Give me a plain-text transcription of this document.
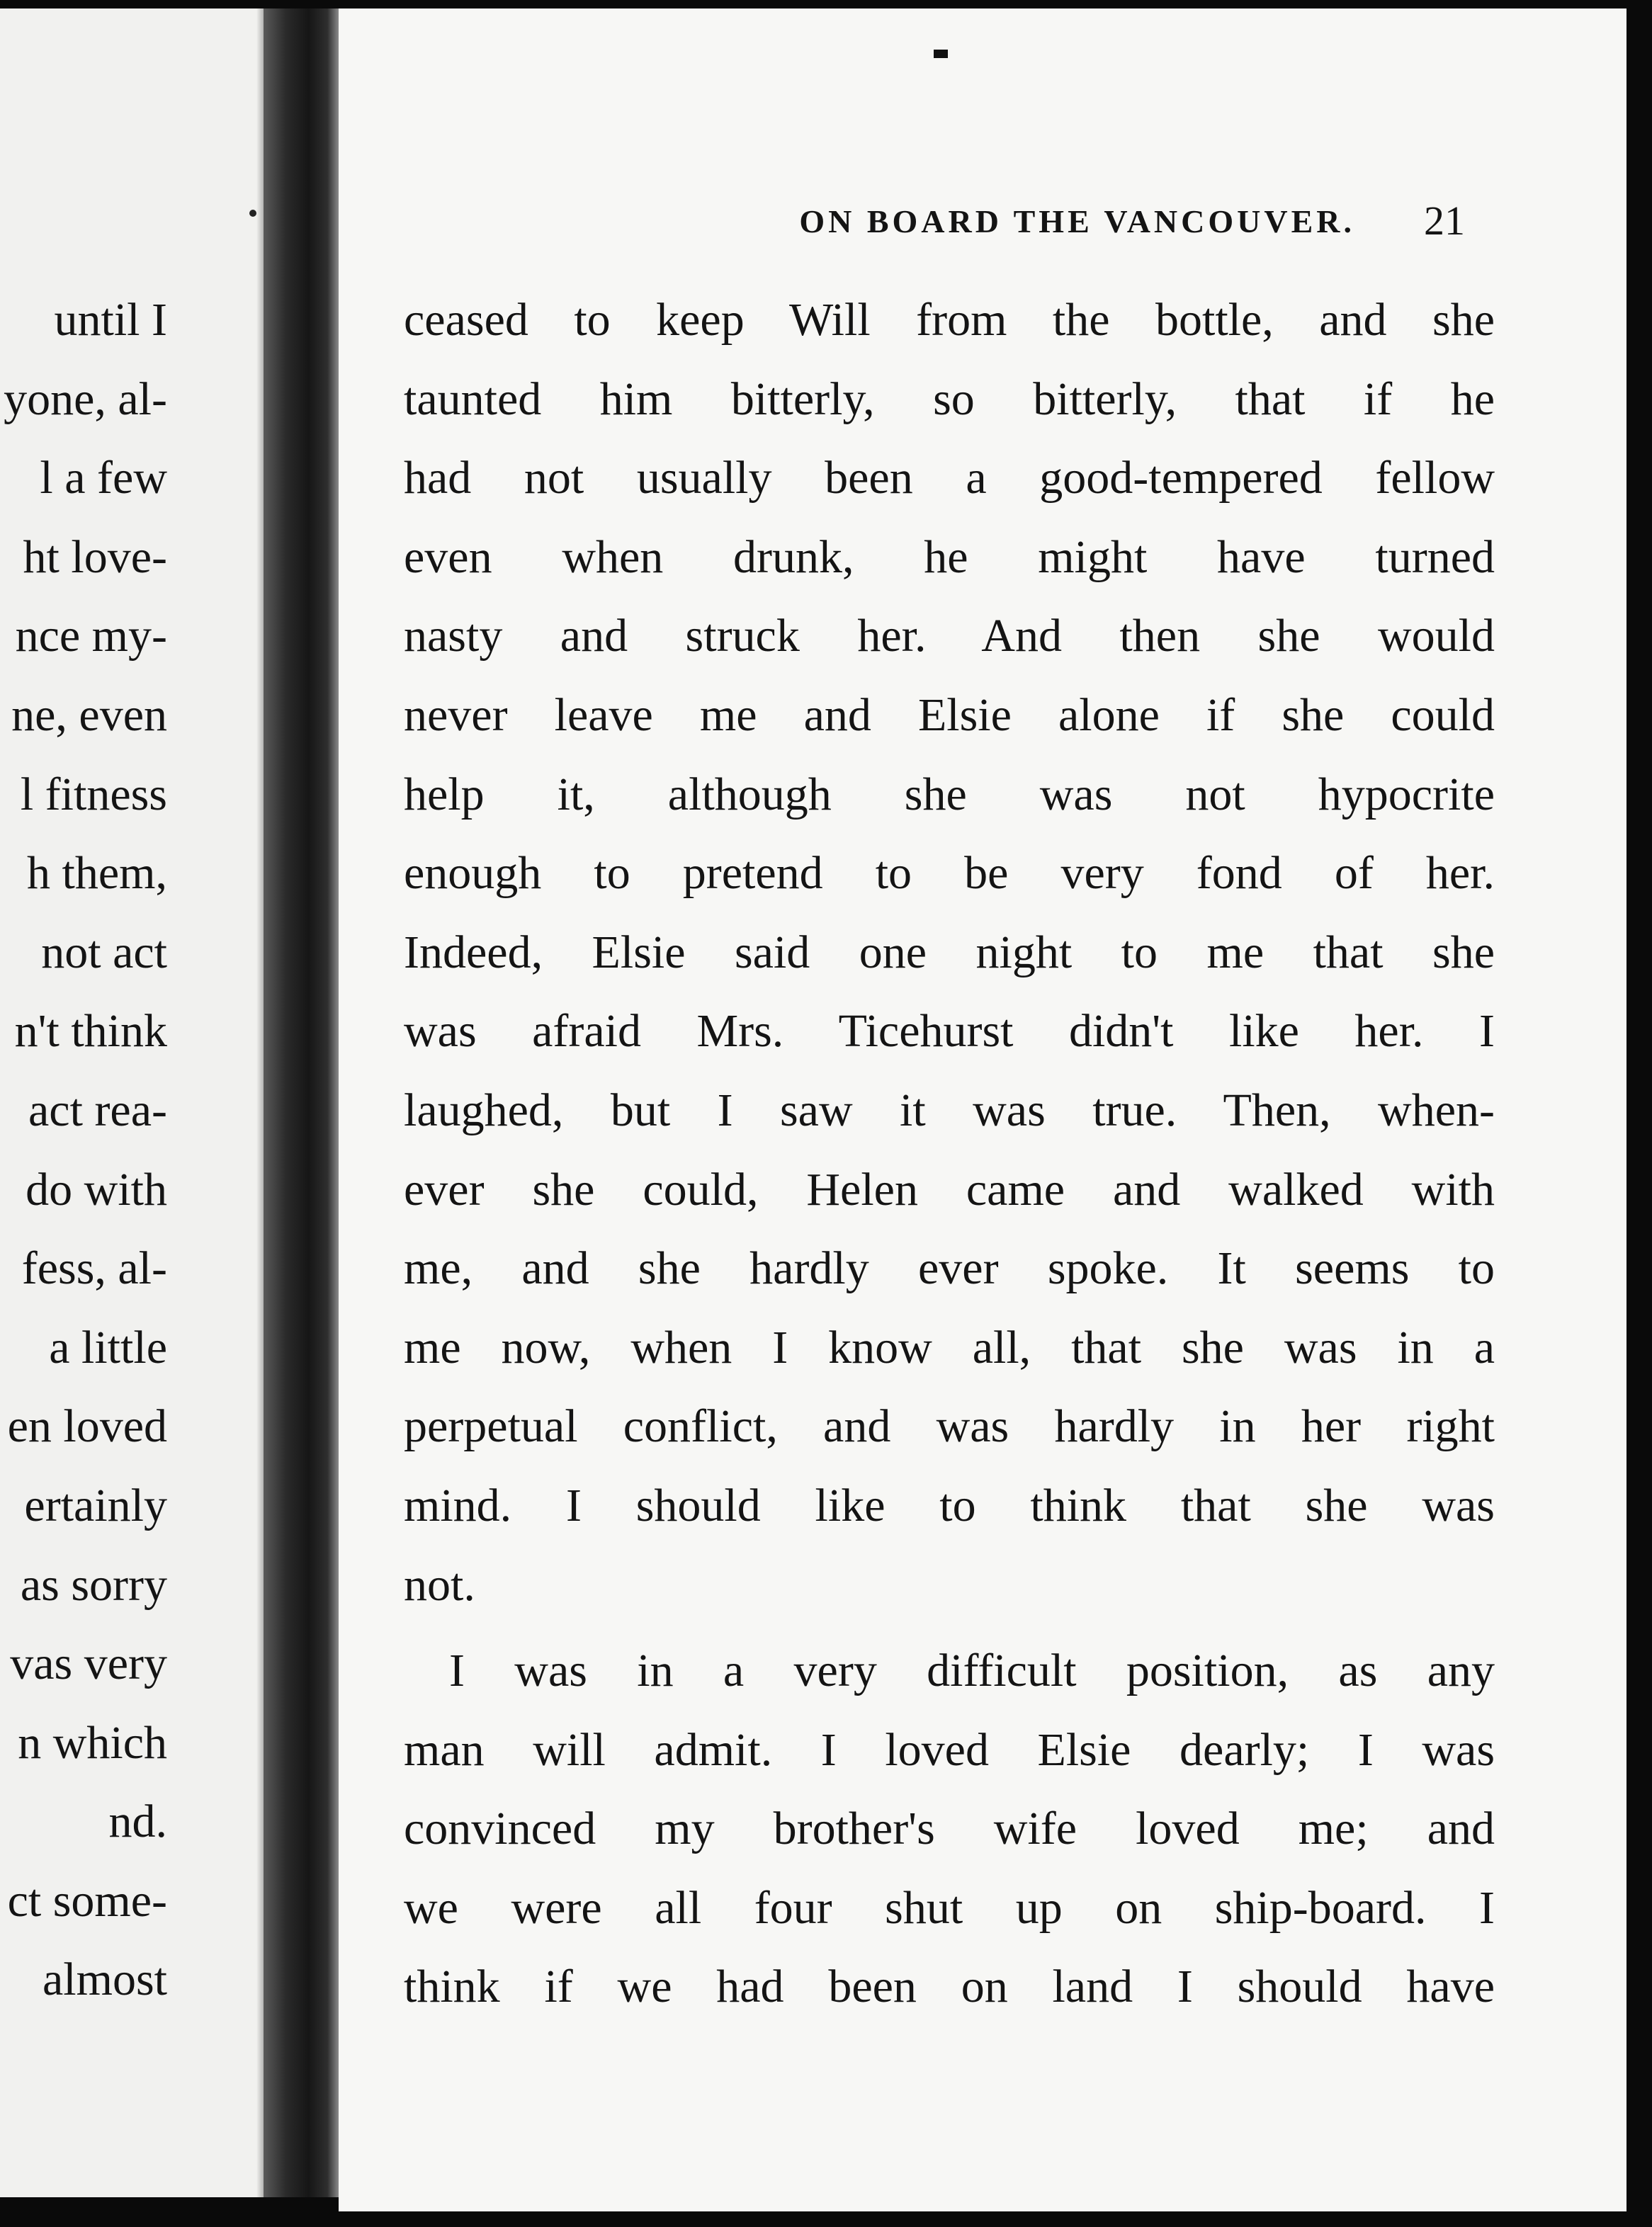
until I
yone, al-
l a few
ht love-
nce my-
ne, even
l fitness
h them,
not act
n't think
act rea-
do with
fess, al-
a little
en loved
ertainly
as sorry
vas very
n which
nd.
ct some-
almost
ON BOARD THE VANCOUVER. 21
ceased to keep Will from the bottle, and she
taunted him bitterly, so bitterly, that if he
had not usually been a good-tempered fellow
even when drunk, he might have turned
nasty and struck her. And then she would
never leave me and Elsie alone if she could
help it, although she was not hypocrite
enough to pretend to be very fond of her.
Indeed, Elsie said one night to me that she
was afraid Mrs. Ticehurst didn't like her. I
laughed, but I saw it was true. Then, when-
ever she could, Helen came and walked with
me, and she hardly ever spoke. It seems to
me now, when I know all, that she was in a
perpetual conflict, and was hardly in her right
mind. I should like to think that she was
not.
I was in a very difficult position, as any
man will admit. I loved Elsie dearly; I was
convinced my brother's wife loved me; and
we were all four shut up on ship-board. I
think if we had been on land I should have
